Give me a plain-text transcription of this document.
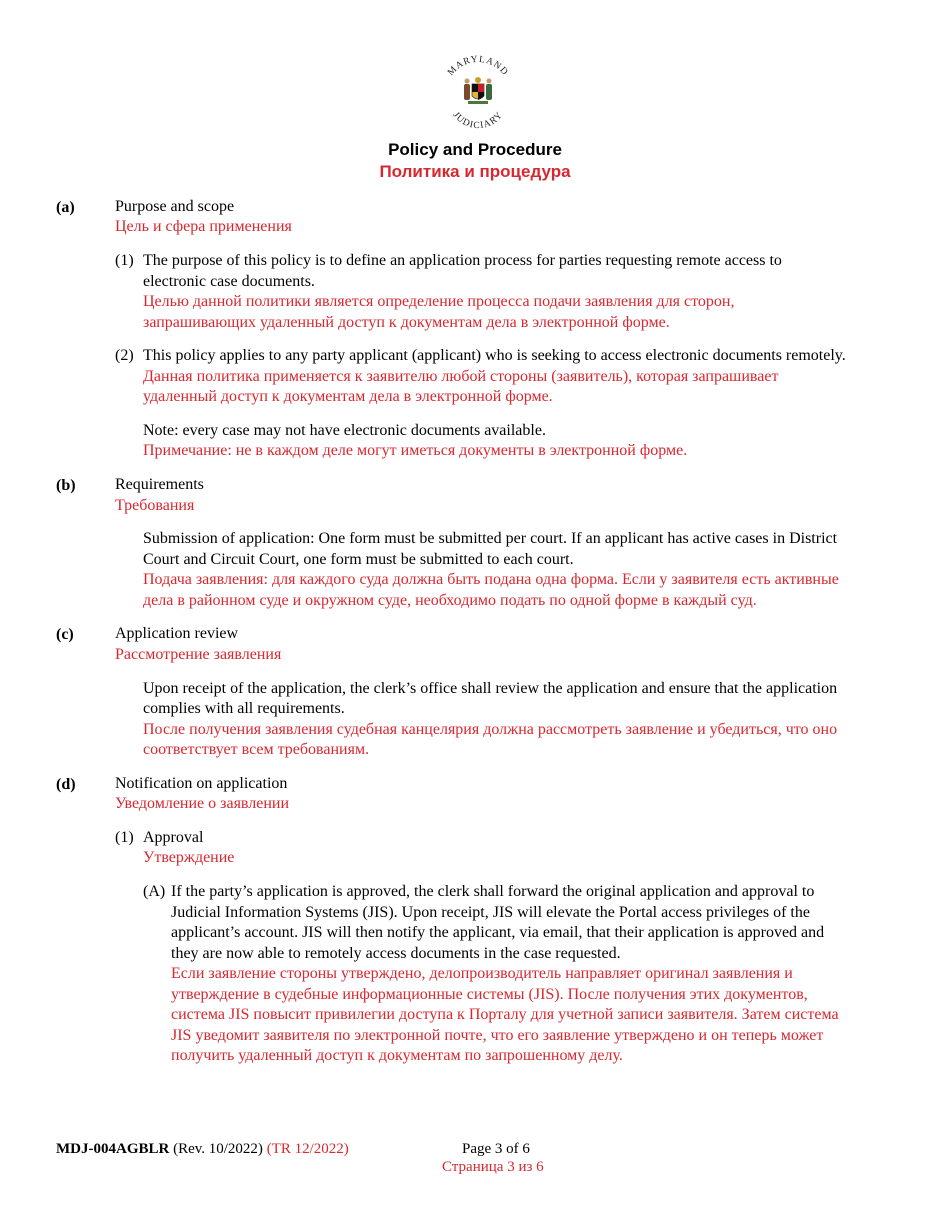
MARYLAND
JUDICIARY
Policy and Procedure
Политика и процедура
(a)	Purpose and scope
Цель и сфера применения
(1) The purpose of this policy is to define an application process for parties requesting remote access to
electronic case documents.
Целью данной политики является определение процесса подачи заявления для сторон,
запрашивающих удаленный доступ к документам дела в электронной форме.
(2) This policy applies to any party applicant (applicant) who is seeking to access electronic documents remotely.
Данная политика применяется к заявителю любой стороны (заявитель), которая запрашивает
удаленный доступ к документам дела в электронной форме.
Note: every case may not have electronic documents available.
Примечание: не в каждом деле могут иметься документы в электронной форме.
(b) Requirements
Требования
Submission of application: One form must be submitted per court. If an applicant has active cases in District
Court and Circuit Court, one form must be submitted to each court.
Подача заявления: для каждого суда должна быть подана одна форма. Если у заявителя есть активные
дела в районном суде и окружном суде, необходимо подать по одной форме в каждый суд.
(c)	Application review
Рассмотрение заявления
Upon receipt of the application, the clerk’s office shall review the application and ensure that the application
complies with all requirements.
После получения заявления судебная канцелярия должна рассмотреть заявление и убедиться, что оно
соответствует всем требованиям.
(d) Notification on application
Уведомление о заявлении
(1) Approval
Утверждение
(A) If the party’s application is approved, the clerk shall forward the original application and approval to
Judicial Information Systems (JIS). Upon receipt, JIS will elevate the Portal access privileges of the
applicant’s account. JIS will then notify the applicant, via email, that their application is approved and
they are now able to remotely access documents in the case requested.
Если заявление стороны утверждено, делопроизводитель направляет оригинал заявления и
утверждение в судебные информационные системы (JIS). После получения этих документов,
система JIS повысит привилегии доступа к Порталу для учетной записи заявителя. Затем система
JIS уведомит заявителя по электронной почте, что его заявление утверждено и он теперь может
получить удаленный доступ к документам по запрошенному делу.
MDJ-004AGBLR (Rev. 10/2022) (TR 12/2022)	Page 3 of 6
Страница 3 из 6
